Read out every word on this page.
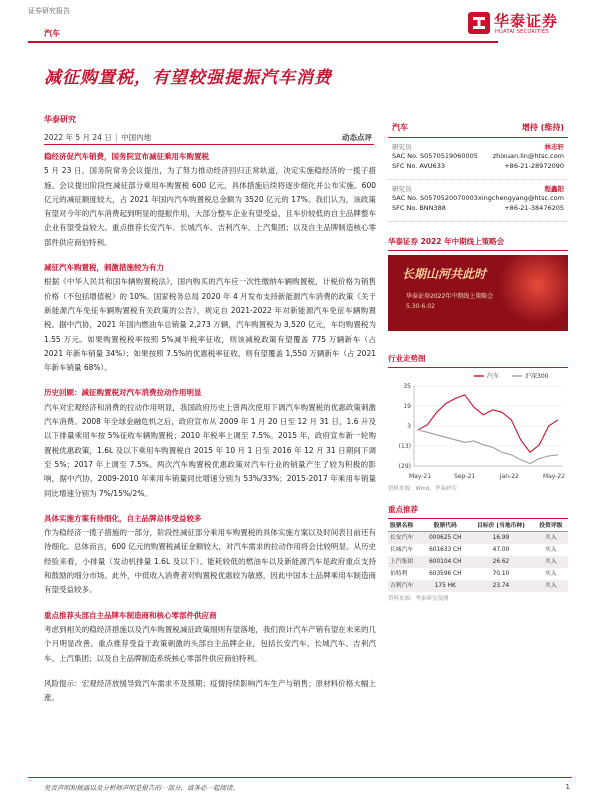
证券研究报告
汽车
华泰证券
HUATAI SECURITIES
减征购置税，有望较强提振汽车消费
华泰研究
2022 年 5 月 24 日 │ 中国内地	动态点评
稳经济促汽车销费，国务院宣布减征乘用车购置税
5 月 23 日，国务院常务会议提出，为了努力推动经济回归正常轨道，决定实施稳经济的一揽子措施。会议提出阶段性减征部分乘用车购置税 600 亿元，具体措施后续将逐步细化并公布实施。600 亿元的减征额度较大，占 2021 年国内汽车购置税总金额为 3520 亿元的 17%。我们认为，该政策有望对今年的汽车消费起到明显的提振作用，大部分整车企业有望受益，且车价较低的自主品牌整车企业有望受益较大。重点推荐长安汽车、长城汽车、吉利汽车、上汽集团；以及自主品牌制造核心零部件供应商伯特利。
减征汽车购置税，刺激措施较为有力
根据《中华人民共和国车辆购置税法》，国内购买的汽车应一次性缴纳车辆购置税，计税价格为销售价格（不包括增值税）的 10%。国家税务总局 2020 年 4 月发布支持新能源汽车消费的政策《关于新能源汽车免征车辆购置税有关政策的公告》，规定自 2021-2022 年对新能源汽车免征车辆购置税。据中汽协，2021 年国内燃油车总销量 2,273 万辆，汽车购置税为 3,520 亿元，车均购置税为 1.55 万元。如果购置税税率按照 5%减半税率征收，则该减税政策有望覆盖 775 万辆新车（占 2021 年新车销量 34%）；如果按照 7.5%的优惠税率征收，则有望覆盖 1,550 万辆新车（占 2021 年新车销量 68%）。
历史回顾：减征购置税对汽车消费拉动作用明显
汽车对宏观经济和消费的拉动作用明显，我国政府历史上曾两次使用下调汽车购置税的优惠政策刺激汽车消费。2008 年全球金融危机之后，政府宣布从 2009 年 1 月 20 日至 12 月 31 日，1.6 升及以下排量乘用车按 5%征收车辆购置税；2010 年税率上调至 7.5%。2015 年，政府宣布新一轮购置税优惠政策，1.6L 及以下乘用车购置税自 2015 年 10 月 1 日至 2016 年 12 月 31 日期间下调至 5%；2017 年上调至 7.5%。两次汽车购置税优惠政策对汽车行业的销量产生了较为积极的影响，据中汽协，2009-2010 年乘用车销量同比增速分别为 53%/33%；2015-2017 年乘用车销量同比增速分别为 7%/15%/2%。
具体实施方案有待细化，自主品牌总体受益较多
作为稳经济一揽子措施的一部分，阶段性减征部分乘用车购置税的具体实施方案以及时间表目前还有待细化。总体而言，600 亿元的购置税减征金额较大，对汽车需求的拉动作用将会比较明显。从历史经验来看，小排量（发动机排量 1.6L 及以下）、能耗较低的燃油车以及新能源汽车是政府重点支持和鼓励的细分市场。此外，中低收入消费者对购置税优惠较为敏感，因此中国本土品牌乘用车制造商有望受益较多。
重点推荐头部自主品牌车制造商和核心零部件供应商
考虑到相关的稳经济措施以及汽车购置税减征政策细则有望落地，我们预计汽车产销有望在未来的几个月明显改善。重点推荐受益于政策刺激的头部自主品牌企业，包括长安汽车、长城汽车、吉利汽车、上汽集团；以及自主品牌制造系统核心零部件供应商伯特利。
风险提示：宏观经济放缓导致汽车需求不及预期；疫情持续影响汽车生产与销售；原材料价格大幅上涨。
汽车	增持 (维持)
研究员	林志轩
SAC No. S0570519060005 zhixuan.lin@htsc.com
SFC No. AVU633	+86-21-28972090
研究员	程鑫阳
SAC No. S0570520070003 xingchengyang@htsc.com
SFC No. BNN388	+86-21-38476205
华泰证券 2022 年中期线上策略会
长期山河共此时
华泰证券2022年中期线上策略会
5.30-6.02
行业走势图
35
19
3
(13)
(29)
May-21	Sep-21	Jan-22	May-22
汽车	沪深300
资料来源：Wind，华泰研究
重点推荐
股票名称	股票代码	目标价 (当地币种)	投资评级
长安汽车	000625 CH	16.99	买入
长城汽车	601633 CH	47.00	买入
上汽集团	600104 CH	26.62	买入
伯特利	603596 CH	70.10	买入
吉利汽车	175 HK	23.74	买入
资料来源：华泰研究预测
免责声明和披露以及分析师声明是报告的一部分，请务必一起阅读。	1
